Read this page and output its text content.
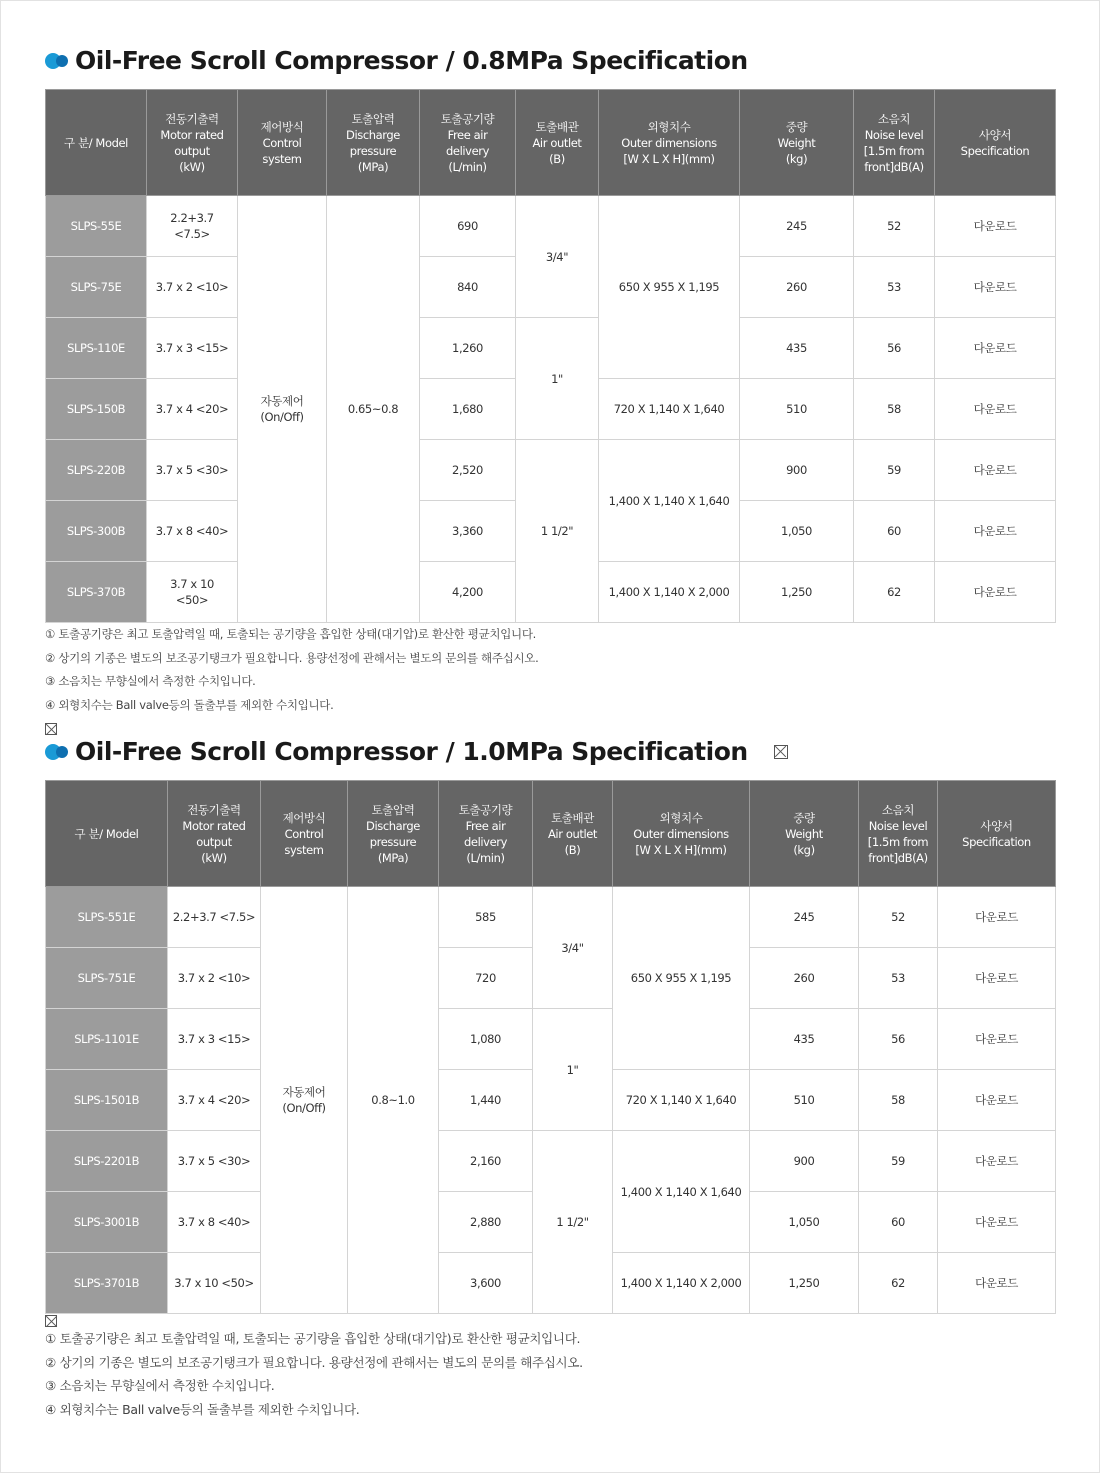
Oil-Free Scroll Compressor / 0.8MPa Specification
구 분/ Model	전동기출력
Motor rated
output
(kW)	제어방식
Control
system	토출압력
Discharge
pressure
(MPa)	토출공기량
Free air
delivery
(L/min)	토출배관
Air outlet
(B)	외형치수
Outer dimensions
[W X L X H](mm)	중량
Weight
(kg)	소음치
Noise level
[1.5m from
front]dB(A)	사양서
Specification
SLPS-55E	2.2+3.7
<7.5>	자동제어
(On/Off)	0.65~0.8	690	3/4"	650 X 955 X 1,195	245	52	다운로드
SLPS-75E	3.7 x 2 <10>			840			260	53	다운로드
SLPS-110E	3.7 x 3 <15>			1,260	1"		435	56	다운로드
SLPS-150B	3.7 x 4 <20>			1,680		720 X 1,140 X 1,640	510	58	다운로드
SLPS-220B	3.7 x 5 <30>			2,520	1 1/2"	1,400 X 1,140 X 1,640	900	59	다운로드
SLPS-300B	3.7 x 8 <40>			3,360			1,050	60	다운로드
SLPS-370B	3.7 x 10
<50>			4,200		1,400 X 1,140 X 2,000	1,250	62	다운로드
① 토출공기량은 최고 토출압력일 때, 토출되는 공기량을 흡입한 상태(대기압)로 환산한 평균치입니다.
② 상기의 기종은 별도의 보조공기탱크가 필요합니다. 용량선정에 관해서는 별도의 문의를 해주십시오.
③ 소음치는 무향실에서 측정한 수치입니다.
④ 외형치수는 Ball valve등의 돌출부를 제외한 수치입니다.
Oil-Free Scroll Compressor / 1.0MPa Specification
구 분/ Model	전동기출력
Motor rated
output
(kW)	제어방식
Control
system	토출압력
Discharge
pressure
(MPa)	토출공기량
Free air
delivery
(L/min)	토출배관
Air outlet
(B)	외형치수
Outer dimensions
[W X L X H](mm)	중량
Weight
(kg)	소음치
Noise level
[1.5m from
front]dB(A)	사양서
Specification
SLPS-551E	2.2+3.7 <7.5>	자동제어
(On/Off)	0.8~1.0	585	3/4"	650 X 955 X 1,195	245	52	다운로드
SLPS-751E	3.7 x 2 <10>			720			260	53	다운로드
SLPS-1101E	3.7 x 3 <15>			1,080	1"		435	56	다운로드
SLPS-1501B	3.7 x 4 <20>			1,440		720 X 1,140 X 1,640	510	58	다운로드
SLPS-2201B	3.7 x 5 <30>			2,160	1 1/2"	1,400 X 1,140 X 1,640	900	59	다운로드
SLPS-3001B	3.7 x 8 <40>			2,880			1,050	60	다운로드
SLPS-3701B	3.7 x 10 <50>			3,600		1,400 X 1,140 X 2,000	1,250	62	다운로드
① 토출공기량은 최고 토출압력일 때, 토출되는 공기량을 흡입한 상태(대기압)로 환산한 평균치입니다.
② 상기의 기종은 별도의 보조공기탱크가 필요합니다. 용량선정에 관해서는 별도의 문의를 해주십시오.
③ 소음치는 무향실에서 측정한 수치입니다.
④ 외형치수는 Ball valve등의 돌출부를 제외한 수치입니다.
